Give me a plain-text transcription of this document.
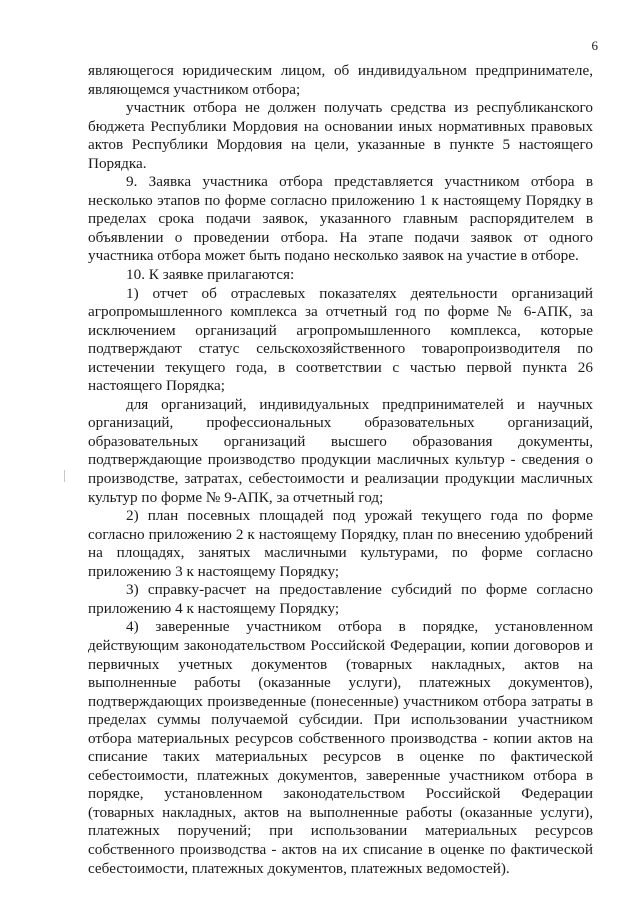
6

являющегося юридическим лицом, об индивидуальном предпринимателе, являющемся участником отбора;

участник отбора не должен получать средства из республиканского бюджета Республики Мордовия на основании иных нормативных правовых актов Республики Мордовия на цели, указанные в пункте 5 настоящего Порядка.

9. Заявка участника отбора представляется участником отбора в несколько этапов по форме согласно приложению 1 к настоящему Порядку в пределах срока подачи заявок, указанного главным распорядителем в объявлении о проведении отбора. На этапе подачи заявок от одного участника отбора может быть подано несколько заявок на участие в отборе.

10. К заявке прилагаются:

1) отчет об отраслевых показателях деятельности организаций агропромышленного комплекса за отчетный год по форме № 6-АПК, за исключением организаций агропромышленного комплекса, которые подтверждают статус сельскохозяйственного товаропроизводителя по истечении текущего года, в соответствии с частью первой пункта 26 настоящего Порядка;

для организаций, индивидуальных предпринимателей и научных организаций, профессиональных образовательных организаций, образовательных организаций высшего образования документы, подтверждающие производство продукции масличных культур - сведения о производстве, затратах, себестоимости и реализации продукции масличных культур по форме № 9-АПК, за отчетный год;

2) план посевных площадей под урожай текущего года по форме согласно приложению 2 к настоящему Порядку, план по внесению удобрений на площадях, занятых масличными культурами, по форме согласно приложению 3 к настоящему Порядку;

3) справку-расчет на предоставление субсидий по форме согласно приложению 4 к настоящему Порядку;

4) заверенные участником отбора в порядке, установленном действующим законодательством Российской Федерации, копии договоров и первичных учетных документов (товарных накладных, актов на выполненные работы (оказанные услуги), платежных документов), подтверждающих произведенные (понесенные) участником отбора затраты в пределах суммы получаемой субсидии. При использовании участником отбора материальных ресурсов собственного производства - копии актов на списание таких материальных ресурсов в оценке по фактической себестоимости, платежных документов, заверенные участником отбора в порядке, установленном законодательством Российской Федерации (товарных накладных, актов на выполненные работы (оказанные услуги), платежных поручений; при использовании материальных ресурсов собственного производства - актов на их списание в оценке по фактической себестоимости, платежных документов, платежных ведомостей).
